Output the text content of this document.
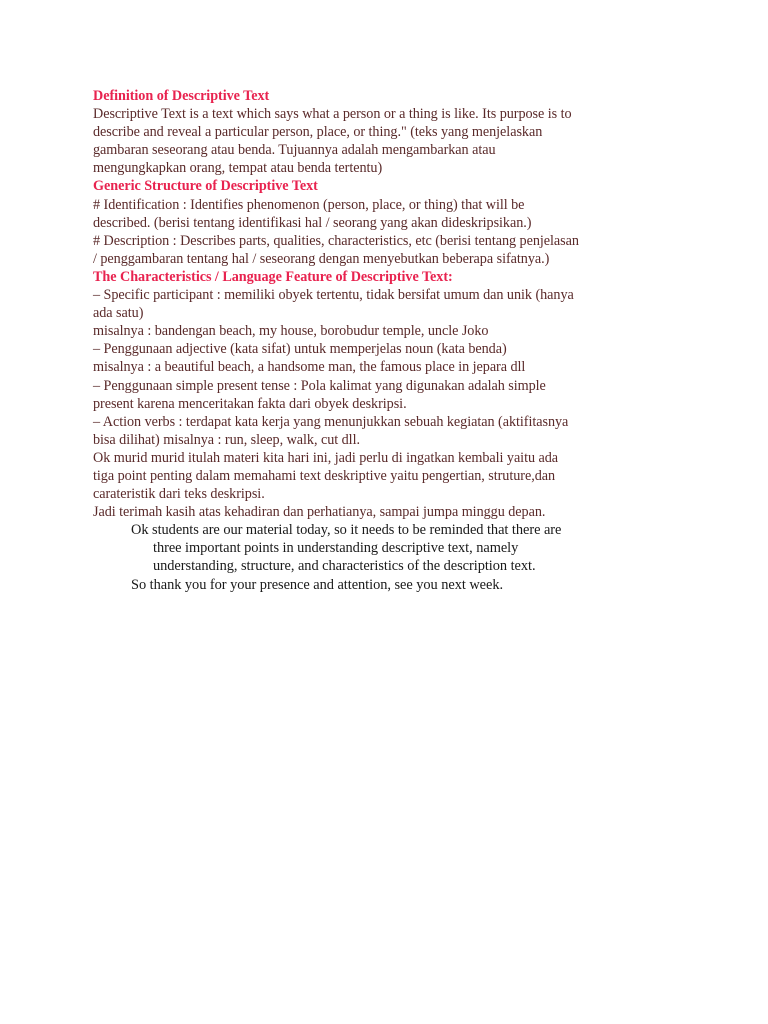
Definition of Descriptive Text
Descriptive Text is a text which says what a person or a thing is like. Its purpose is to
describe and reveal a particular person, place, or thing." (teks yang menjelaskan
gambaran seseorang atau benda. Tujuannya adalah mengambarkan atau
mengungkapkan orang, tempat atau benda tertentu)
Generic Structure of Descriptive Text
# Identification : Identifies phenomenon (person, place, or thing) that will be
described. (berisi tentang identifikasi hal / seorang yang akan dideskripsikan.)
# Description : Describes parts, qualities, characteristics, etc (berisi tentang penjelasan
/ penggambaran tentang hal / seseorang dengan menyebutkan beberapa sifatnya.)
The Characteristics / Language Feature of Descriptive Text:
– Specific participant : memiliki obyek tertentu, tidak bersifat umum dan unik (hanya
ada satu)
misalnya : bandengan beach, my house, borobudur temple, uncle Joko
– Penggunaan adjective (kata sifat) untuk memperjelas noun (kata benda)
misalnya : a beautiful beach, a handsome man, the famous place in jepara dll
– Penggunaan simple present tense : Pola kalimat yang digunakan adalah simple
present karena menceritakan fakta dari obyek deskripsi.
– Action verbs : terdapat kata kerja yang menunjukkan sebuah kegiatan (aktifitasnya
bisa dilihat) misalnya : run, sleep, walk, cut dll.
Ok murid murid itulah materi kita hari ini, jadi perlu di ingatkan kembali yaitu ada
tiga point penting dalam memahami text deskriptive yaitu pengertian, struture,dan
carateristik dari teks deskripsi.
Jadi terimah kasih atas kehadiran dan perhatianya, sampai jumpa minggu depan.
Ok students are our material today, so it needs to be reminded that there are
three important points in understanding descriptive text, namely
understanding, structure, and characteristics of the description text.
So thank you for your presence and attention, see you next week.
